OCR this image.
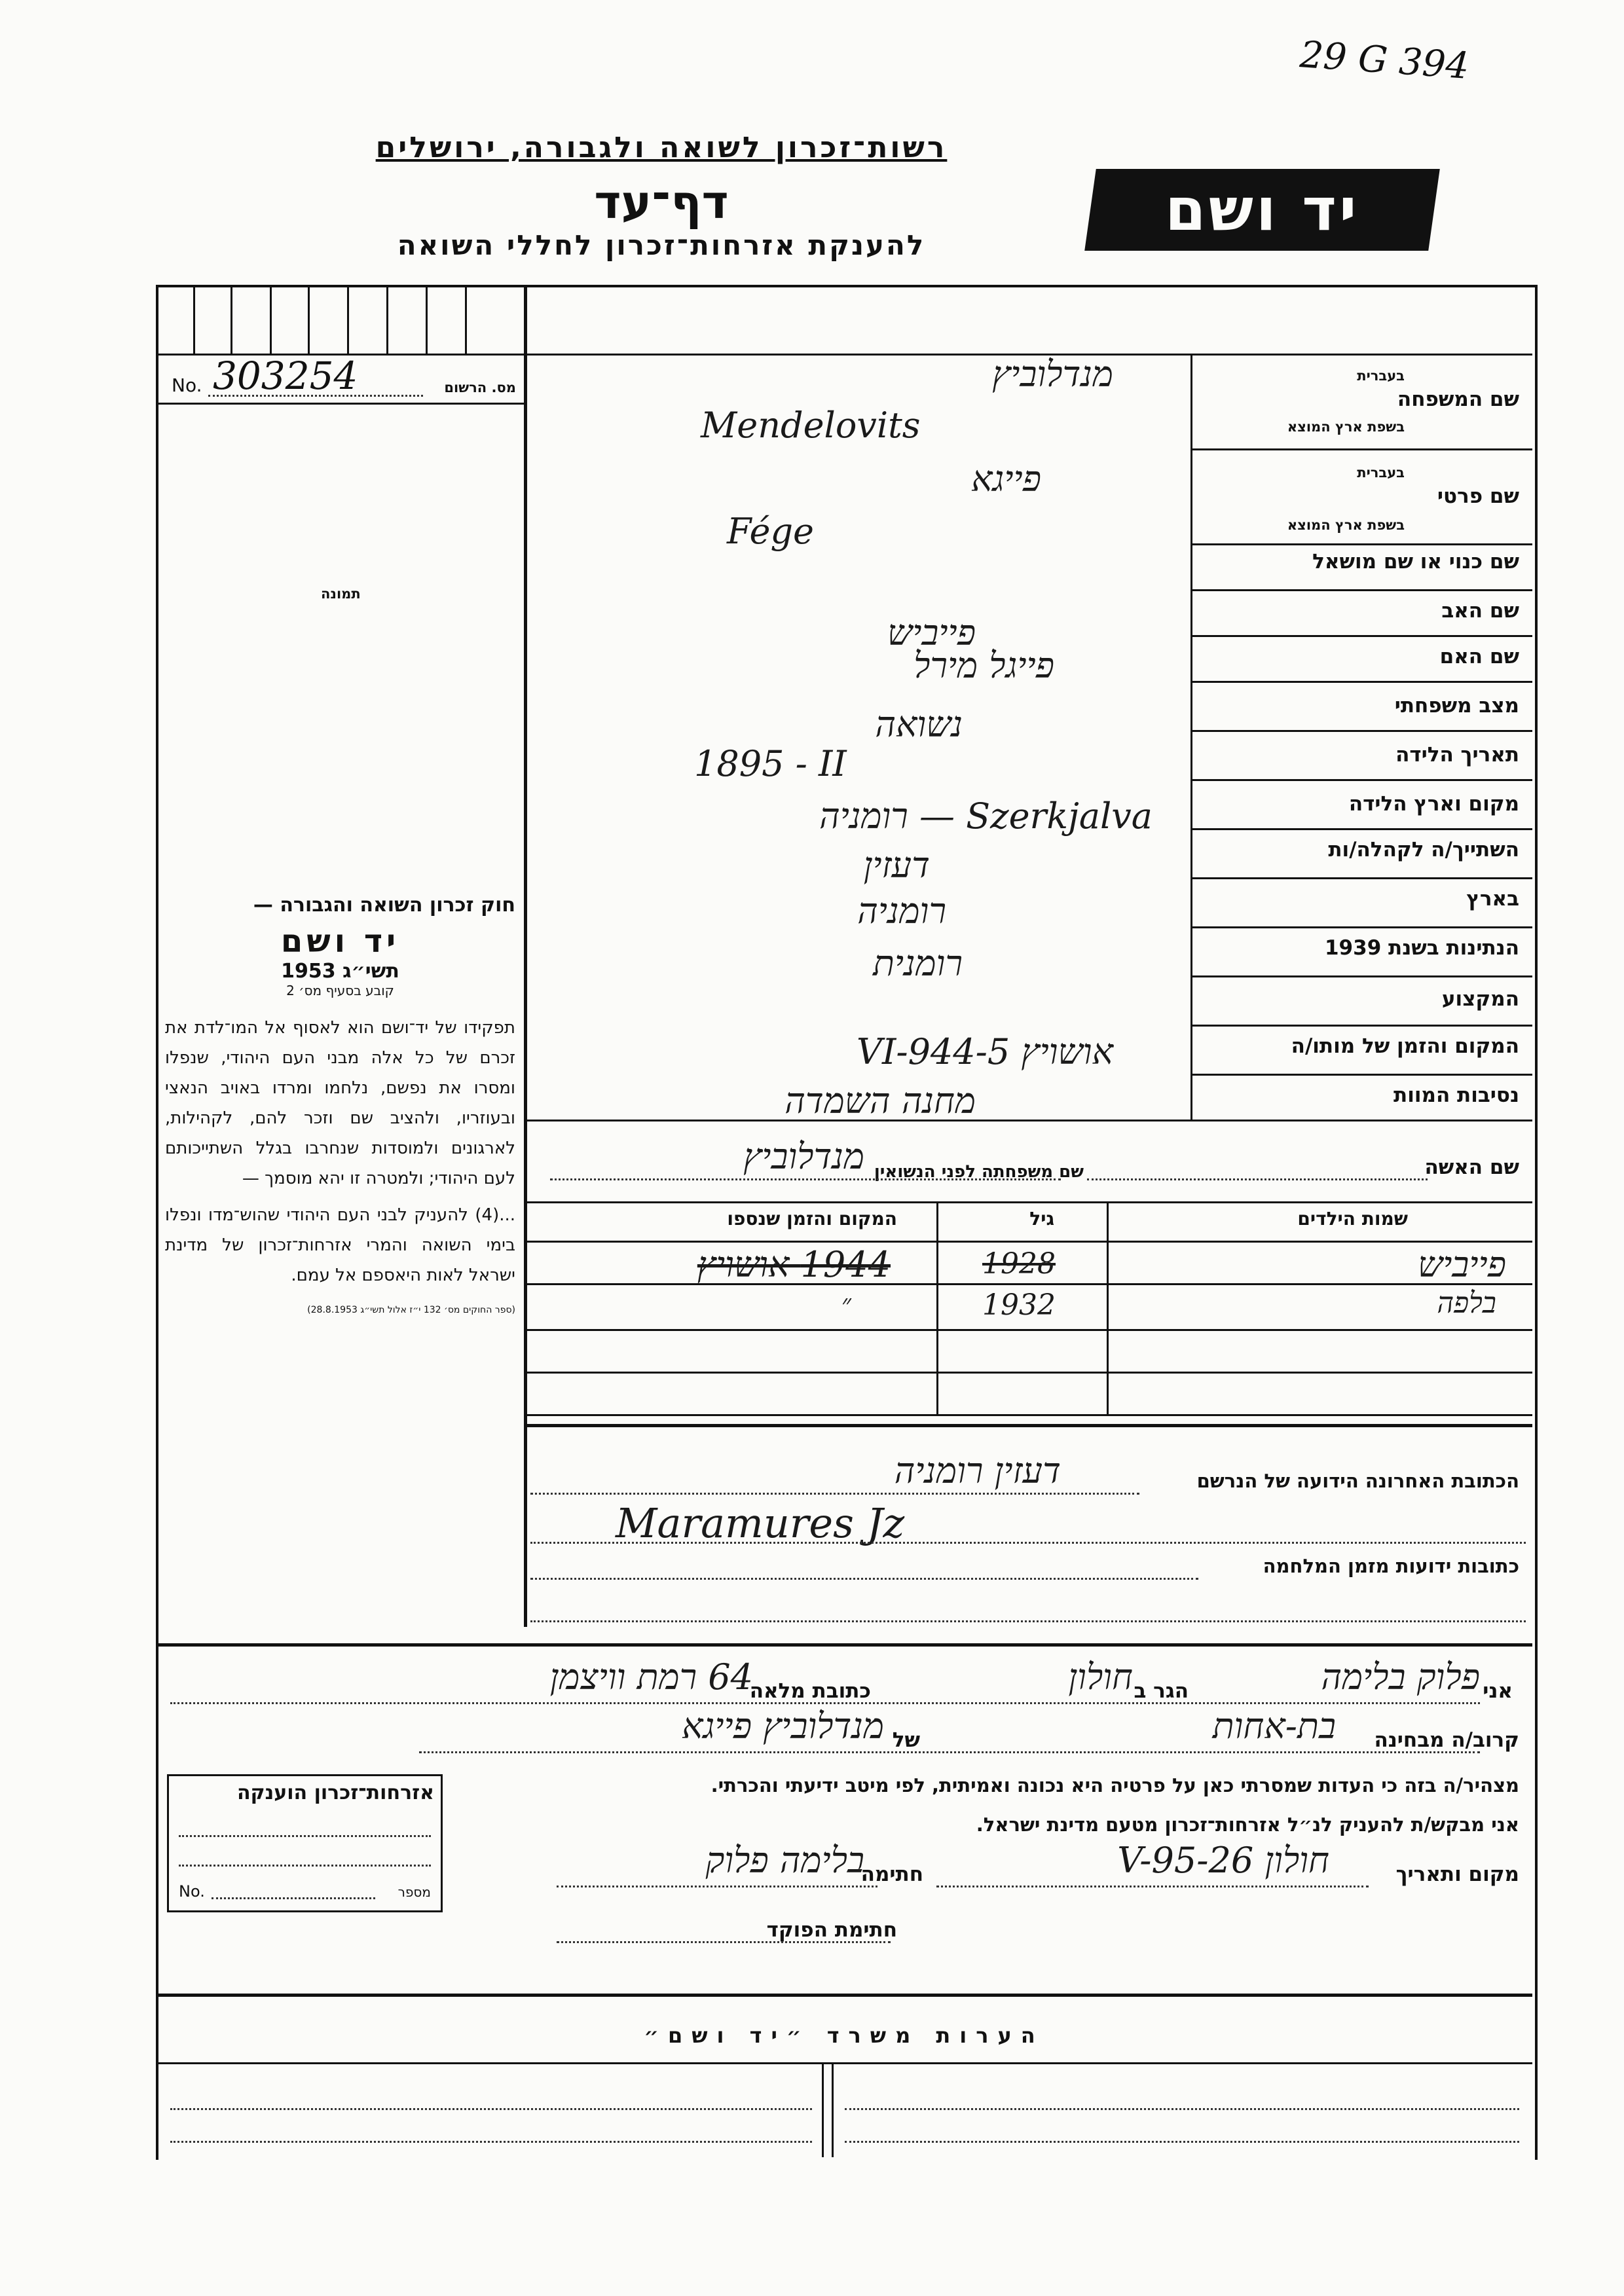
29 G 394
רשות־זכרון לשואה ולגבורה, ירושלים
דף־עד
להענקת אזרחות־זכרון לחללי השואה
יד ושם
No. 303254	מס. הרשום
תמונה
שם המשפחה
בעברית
בשפת ארץ המוצא
שם פרטי
בעברית
בשפת ארץ המוצא
שם כנוי או שם מושאל
שם האב
שם האם
מצב משפחתי
תאריך הלידה
מקום וארץ הלידה
השתייך/ה לקהלה/ות
בארץ
הנתינות בשנת 1939
המקצוע
המקום והזמן של מותו/ה
נסיבות המוות
מנדלוביץ
Mendelovits
פייגא
Fége
פייביש
פייגל מירל
נשואה
1895 - II
Szerkjalva — רומניה
דעזין
רומניה
רומנית
אושויץ 5-VI-944
מחנה השמדה

חוק זכרון השואה והגבורה —

יד ושם

תשי״ג 1953

קובע בסעיף מס׳ 2

תפקידו של יד־ושם הוא לאסוף אל המו־לדת את זכרם של כל אלה מבני העם היהודי, שנפלו ומסרו את נפשם, נלחמו ומרדו באויב הנאצי ובעוזריו, ולהציב שם וזכר להם, לקהילות, לארגונים ולמוסדות שנחרבו בגלל השתייכותם לעם היהודי; ולמטרה זו יהא מוסמך —

...(4) להעניק לבני העם היהודי שהוש־מדו ונפלו בימי השואה והמרי אזרחות־זכרון של מדינת ישראל לאות היאספם אל עמם.

(ספר החוקים מס׳ 132 י״ז אלול תשי״ג 28.8.1953)

שם האשה
שם משפחתה לפני הנשואין
מנדלוביץ
שמות הילדים
גיל
המקום והזמן שנספו
פייביש
1928
1944 אושויץ
בלפה
1932
״
הכתובת האחרונה הידועה של הנרשם
דעזין רומניה
Maramures Jz
כתובות ידועות מזמן המלחמה
אני
פלוק בלימה
הגר ב
חולון
כתובת מלאה
64 רמת וויצמן
קרוב/ה מבחינה
בת-אחות
של
מנדלוביץ פייגא
מצהיר/ה בזה כי העדות שמסרתי כאן על פרטיה היא נכונה ואמיתית, לפי מיטב ידיעתי והכרתי.
אני מבקש/ת להעניק לנ״ל אזרחות־זכרון מטעם מדינת ישראל.
מקום ותאריך
חולון 26-V-95
חתימה
בלימה פלוק
חתימת הפוקד
אזרחות־זכרון הוענקה
No.	מספר
הערות משרד ״יד ושם״
